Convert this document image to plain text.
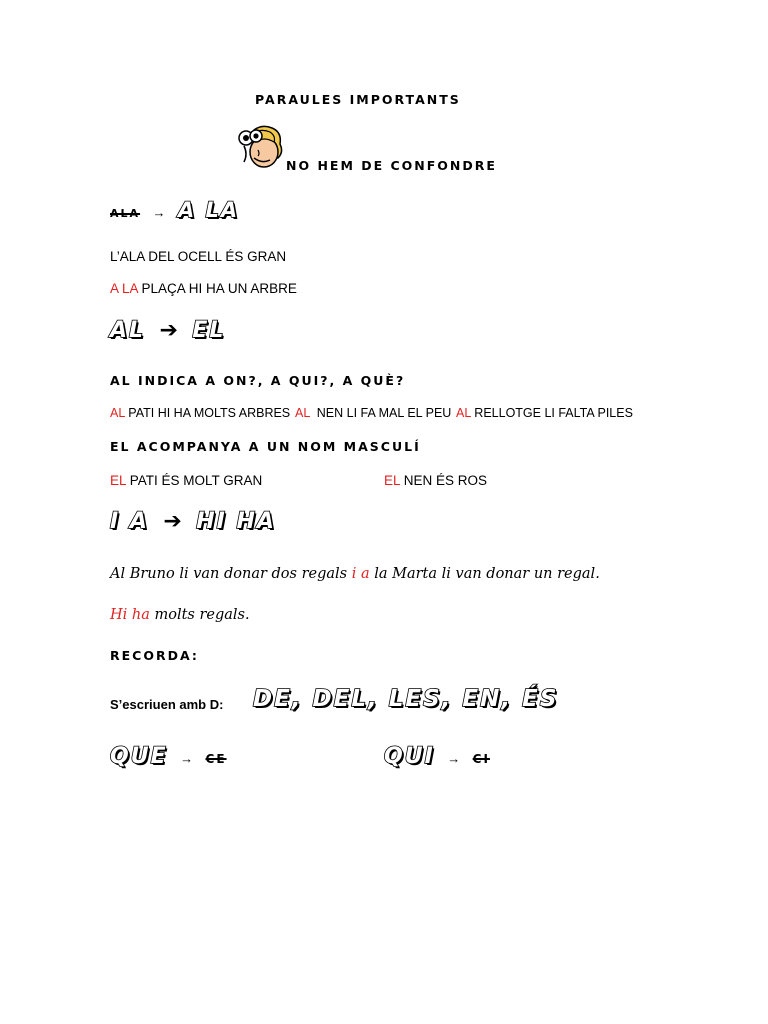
PARAULES IMPORTANTS
NO HEM DE CONFONDRE
ALA → A LA
L’ALA DEL OCELL ÉS GRAN
A LA PLAÇA HI HA UN ARBRE
AL ➔ EL
AL INDICA A ON?, A QUI?, A QUÈ?
AL PATI HI HA MOLTS ARBRES AL  NEN LI FA MAL EL PEU AL RELLOTGE LI FALTA PILES
EL ACOMPANYA A UN NOM MASCULÍ
EL PATI ÉS MOLT GRAN	EL NEN ÉS ROS
I A ➔ HI HA
Al Bruno li van donar dos regals i a la Marta li van donar un regal.
Hi ha molts regals.
RECORDA:
S’escriuen amb D: DE, DEL, LES, EN, ÉS
QUE → CE	QUI → CI
